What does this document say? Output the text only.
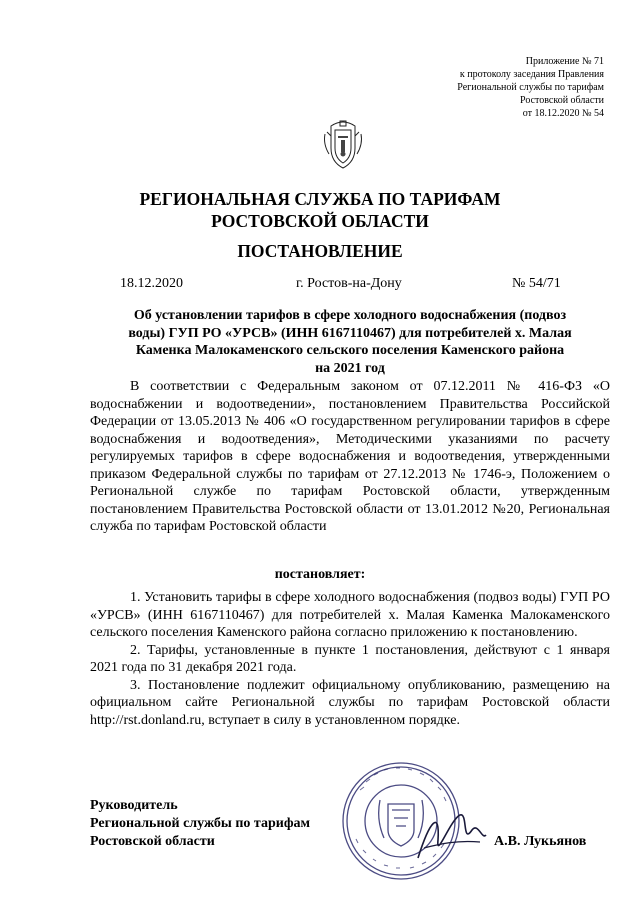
Приложение № 71
к протоколу заседания Правления
Региональной службы по тарифам
Ростовской области
от 18.12.2020 № 54
РЕГИОНАЛЬНАЯ СЛУЖБА ПО ТАРИФАМ
РОСТОВСКОЙ ОБЛАСТИ
ПОСТАНОВЛЕНИЕ
18.12.2020	г. Ростов-на-Дону	№ 54/71
Об установлении тарифов в сфере холодного водоснабжения (подвоз
воды) ГУП РО «УРСВ» (ИНН 6167110467) для потребителей х. Малая
Каменка Малокаменского сельского поселения Каменского района
на 2021 год
В соответствии с Федеральным законом от 07.12.2011 № 416-ФЗ «О водоснабжении и водоотведении», постановлением Правительства Российской Федерации от 13.05.2013 № 406 «О государственном регулировании тарифов в сфере водоснабжения и водоотведения», Методическими указаниями по расчету регулируемых тарифов в сфере водоснабжения и водоотведения, утвержденными приказом Федеральной службы по тарифам от 27.12.2013 № 1746-э, Положением о Региональной службе по тарифам Ростовской области, утвержденным постановлением Правительства Ростовской области от 13.01.2012 №20, Региональная служба по тарифам Ростовской области
постановляет:

1. Установить тарифы в сфере холодного водоснабжения (подвоз воды) ГУП РО «УРСВ» (ИНН 6167110467) для потребителей х. Малая Каменка Малокаменского сельского поселения Каменского района согласно приложению к постановлению.

2. Тарифы, установленные в пункте 1 постановления, действуют с 1 января 2021 года по 31 декабря 2021 года.

3. Постановление подлежит официальному опубликованию, размещению на официальном сайте Региональной службы по тарифам Ростовской области http://rst.donland.ru, вступает в силу в установленном порядке.

Руководитель
Региональной службы по тарифам
Ростовской области	А.В. Лукьянов
